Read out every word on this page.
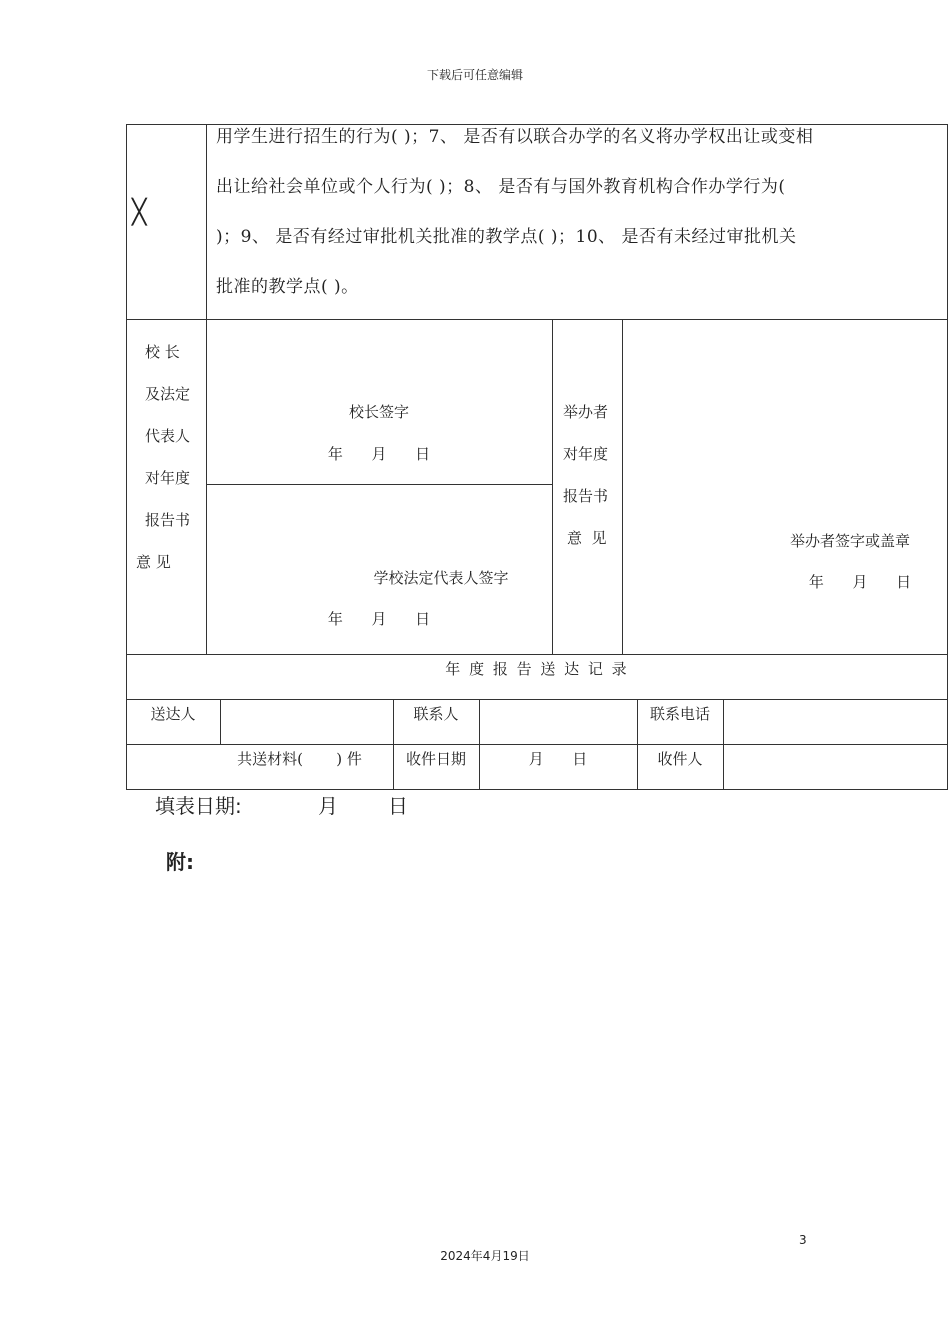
下载后可任意编辑
╳
用学生进行招生的行为( )；7、 是否有以联合办学的名义将办学权出让或变相
出让给社会单位或个人行为( )；8、 是否有与国外教育机构合作办学行为(
)；9、 是否有经过审批机关批准的教学点( )；10、 是否有未经过审批机关
批准的教学点( )。
校 长
及法定
代表人
对年度
报告书
意 见
校长签字
年      月      日
学校法定代表人签字
年      月      日
举办者
对年度
报告书
意  见	举办者签字或盖章
年      月      日
年 度 报 告 送 达 记 录
送达人	联系人	联系电话
共送材料(       ) 件	收件日期	月      日	收件人
填表日期:	月	日
附:
3
2024年4月19日
